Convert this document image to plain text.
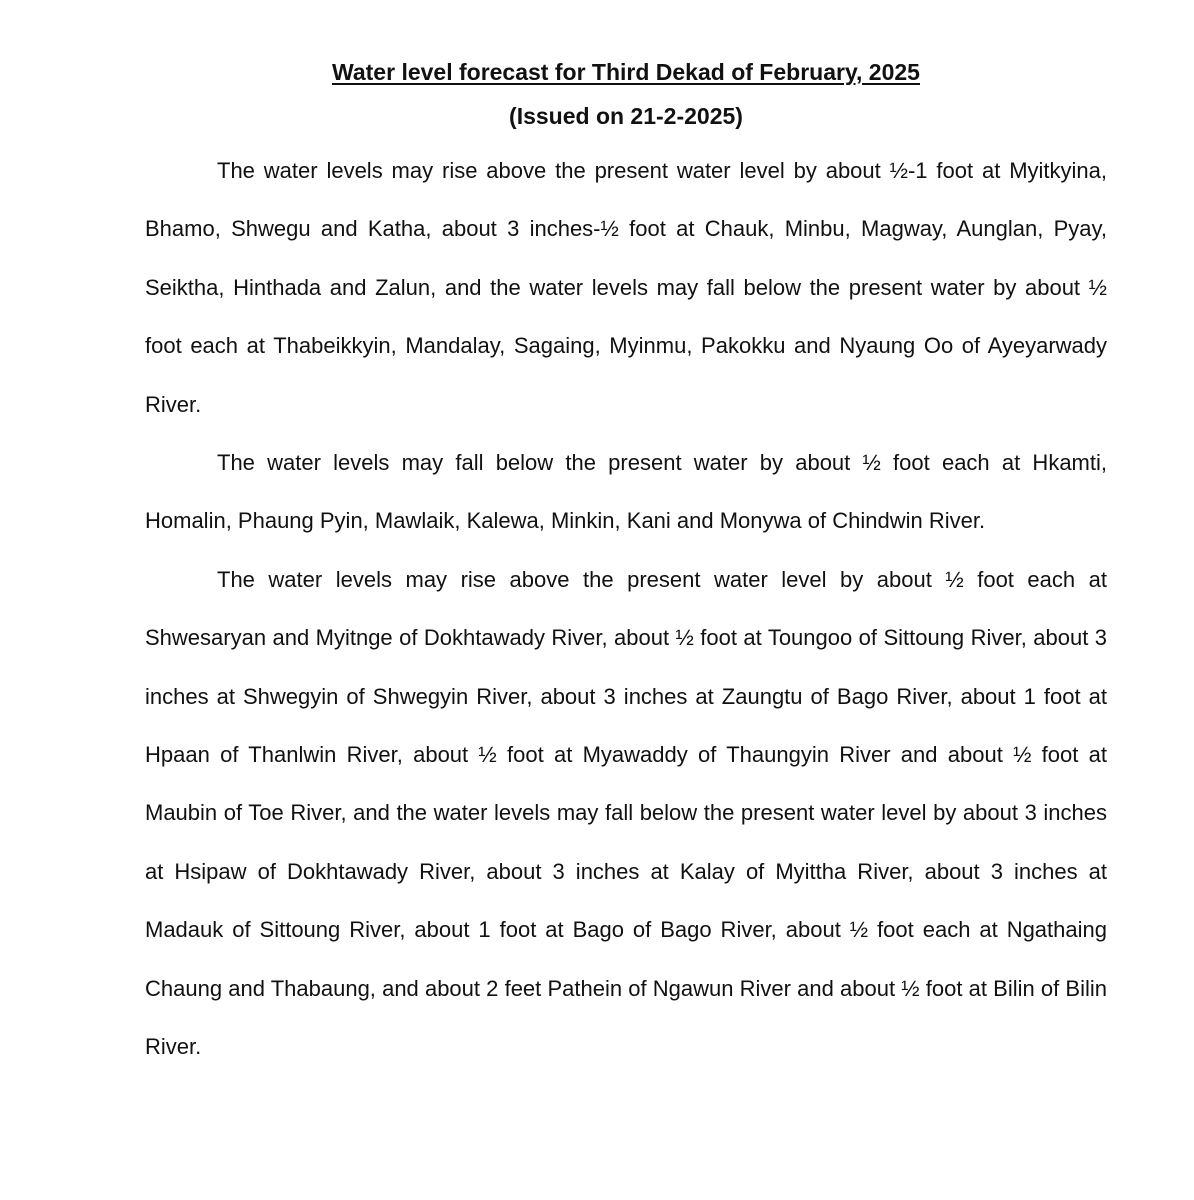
Water level forecast for Third Dekad of February, 2025

(Issued on 21-2-2025)

The water levels may rise above the present water level by about ½-1 foot at Myitkyina, Bhamo, Shwegu and Katha, about 3 inches-½ foot at Chauk, Minbu, Magway, Aunglan, Pyay, Seiktha, Hinthada and Zalun, and the water levels may fall below the present water by about ½ foot each at Thabeikkyin, Mandalay, Sagaing, Myinmu, Pakokku and Nyaung Oo of Ayeyarwady River.

The water levels may fall below the present water by about ½ foot each at Hkamti, Homalin, Phaung Pyin, Mawlaik, Kalewa, Minkin, Kani and Monywa of Chindwin River.

The water levels may rise above the present water level by about ½ foot each at Shwesaryan and Myitnge of Dokhtawady River, about ½ foot at Toungoo of Sittoung River, about 3 inches at Shwegyin of Shwegyin River, about 3 inches at Zaungtu of Bago River, about 1 foot at Hpaan of Thanlwin River, about ½ foot at Myawaddy of Thaungyin River and about ½ foot at Maubin of Toe River, and the water levels may fall below the present water level by about 3 inches at Hsipaw of Dokhtawady River, about 3 inches at Kalay of Myittha River, about 3 inches at Madauk of Sittoung River, about 1 foot at Bago of Bago River, about ½ foot each at Ngathaing Chaung and Thabaung, and about 2 feet Pathein of Ngawun River and about ½ foot at Bilin of Bilin River.
